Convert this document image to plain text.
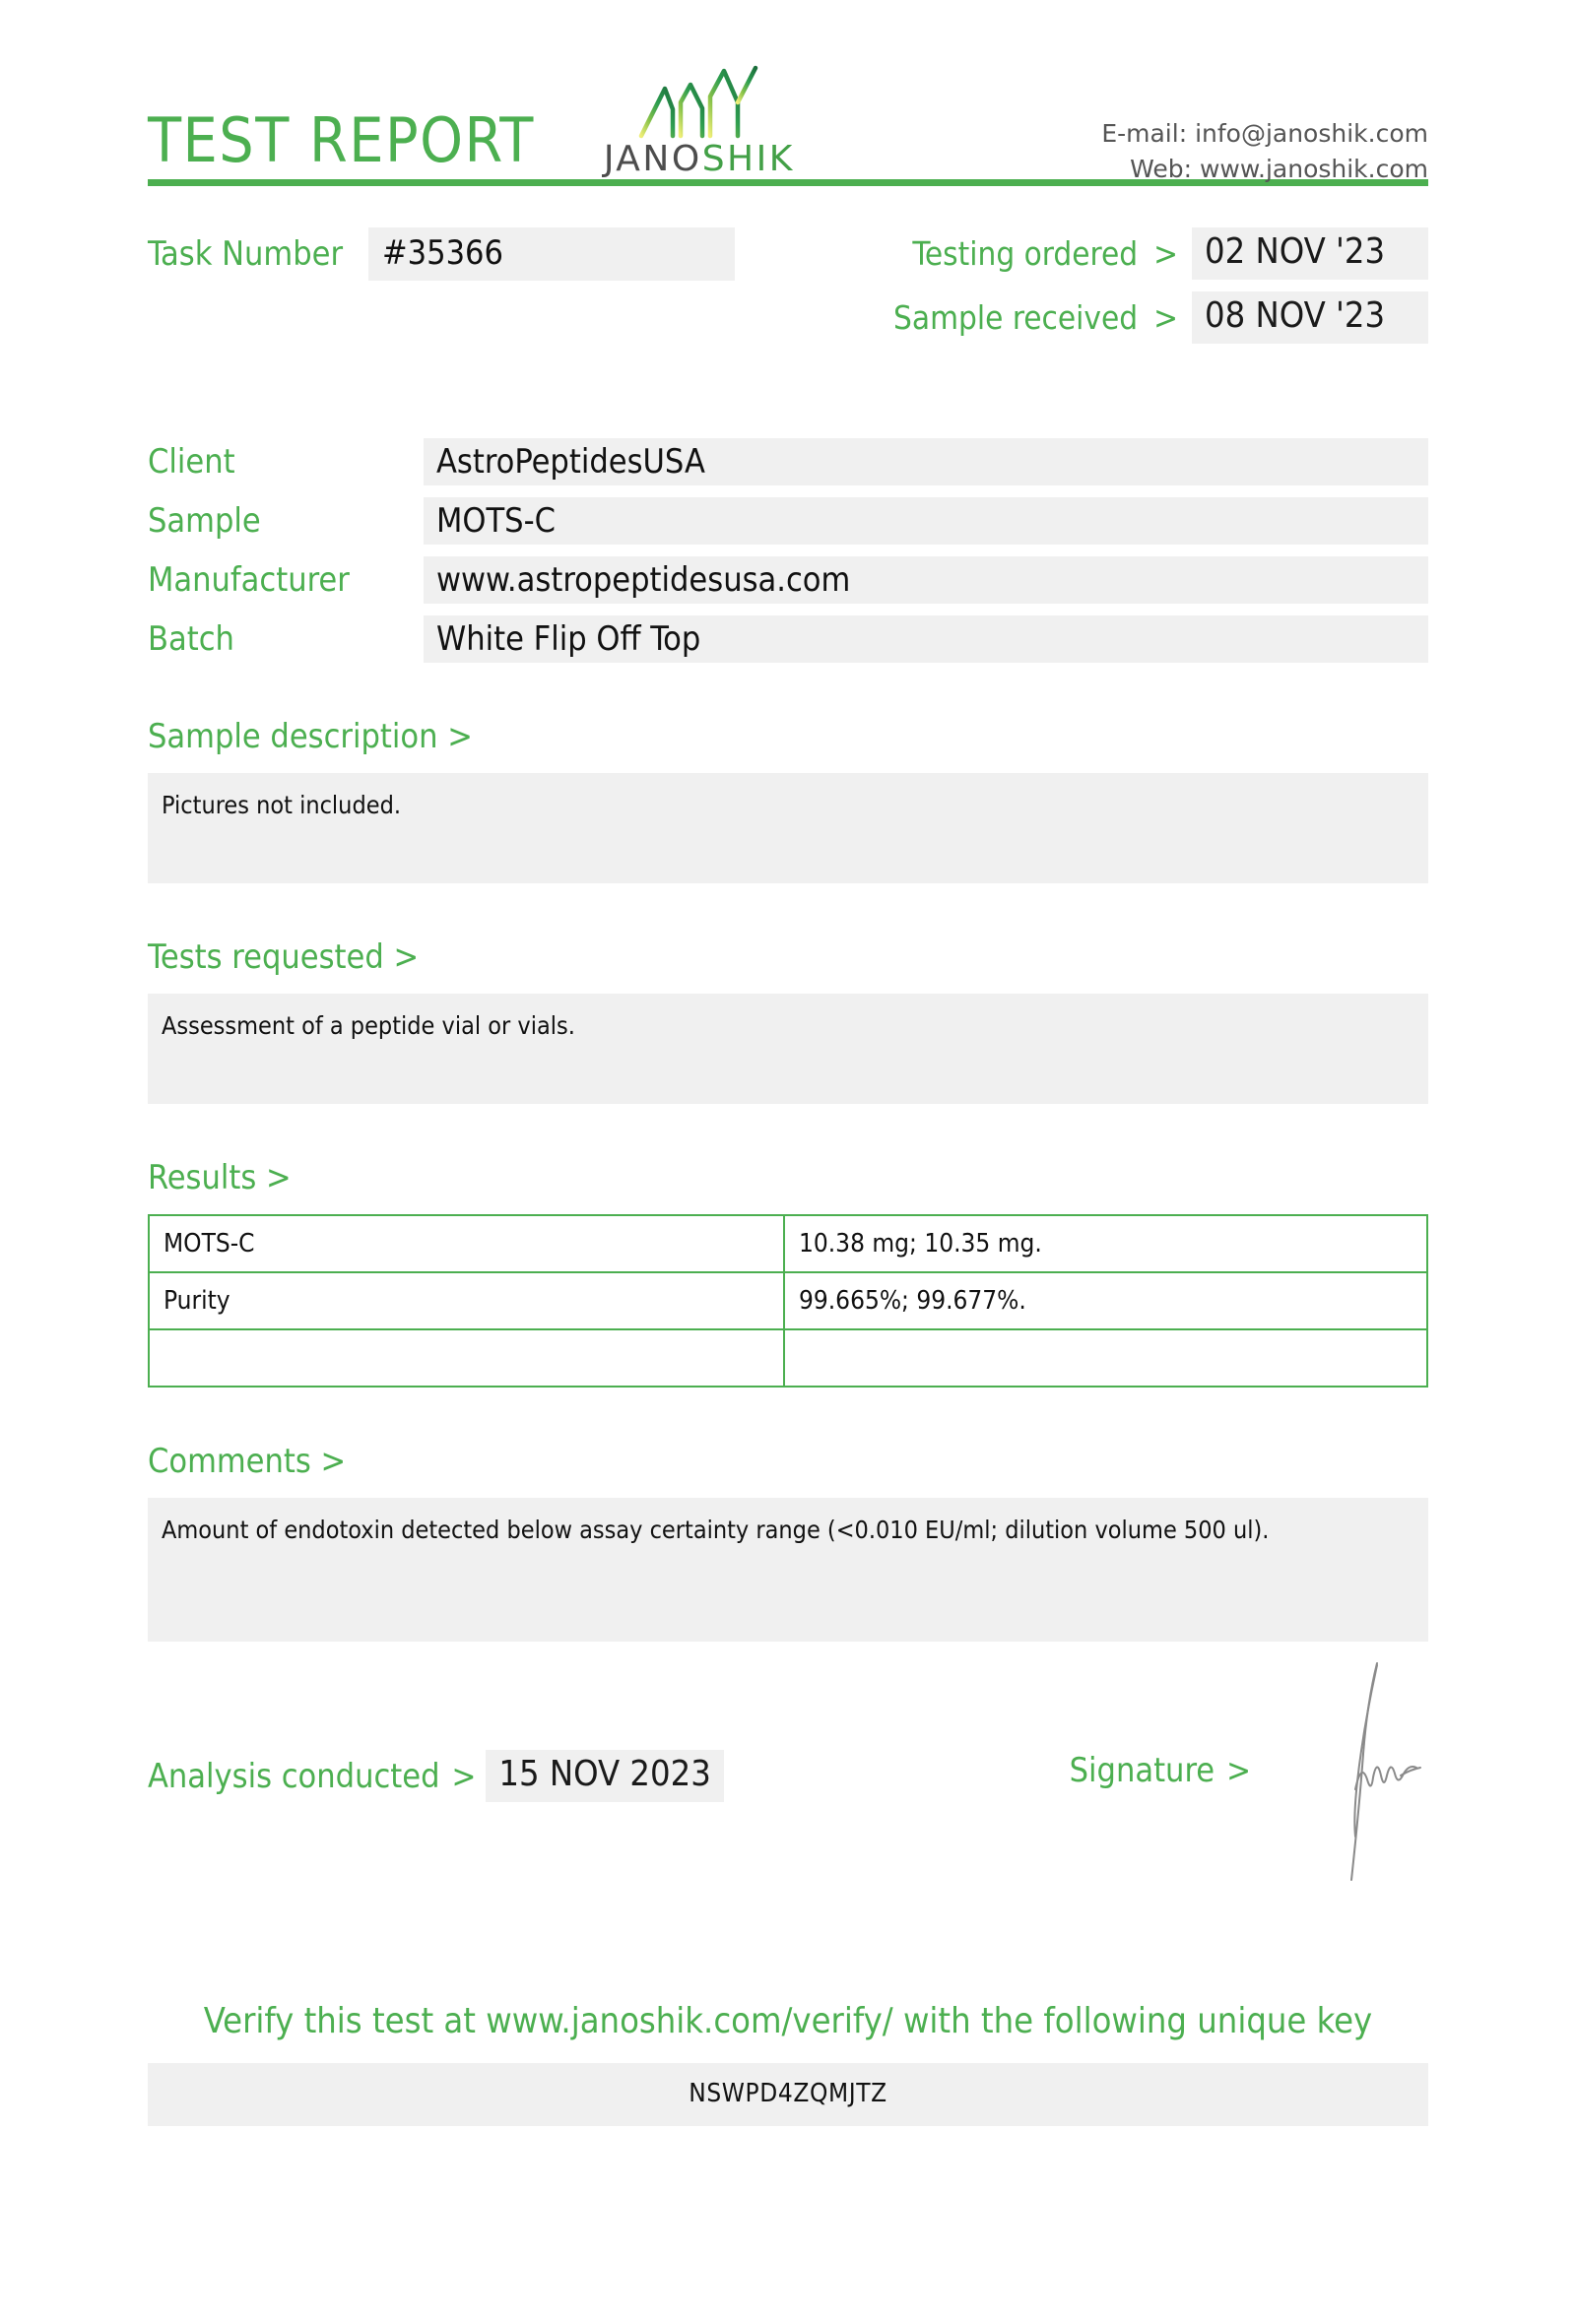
TEST REPORT JANOSHIK
E-mail: info@janoshik.com
Web: www.janoshik.com
Task Number	#35366	Testing ordered > 02 NOV '23
Sample received > 08 NOV '23
Client	AstroPeptidesUSA
Sample	MOTS-C
Manufacturer	www.astropeptidesusa.com
Batch	White Flip Off Top
Sample description >
Pictures not included.
Tests requested >
Assessment of a peptide vial or vials.
Results >
MOTS-C	10.38 mg; 10.35 mg.
Purity	99.665%; 99.677%.

Comments >
Amount of endotoxin detected below assay certainty range (<0.010 EU/ml; dilution volume 500 ul).
Analysis conducted > 15 NOV 2023	Signature >
Verify this test at www.janoshik.com/verify/ with the following unique key
NSWPD4ZQMJTZ
